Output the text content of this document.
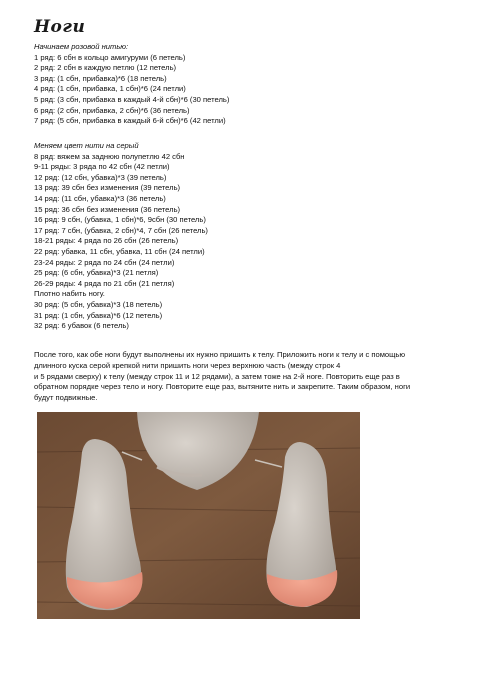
Ноги
Начинаем розовой нитью:
1 ряд: 6 сбн в кольцо амигуруми (6 петель)
2 ряд: 2 сбн в каждую петлю (12 петель)
3 ряд: (1 сбн, прибавка)*6 (18 петель)
4 ряд: (1 сбн, прибавка, 1 сбн)*6 (24 петли)
5 ряд: (3 сбн, прибавка в каждый 4-й сбн)*6 (30 петель)
6 ряд: (2 сбн, прибавка, 2 сбн)*6 (36 петель)
7 ряд: (5 сбн, прибавка в каждый 6-й сбн)*6 (42 петли)
Меняем цвет нити на серый
8 ряд: вяжем за заднюю полупетлю 42 сбн
9-11 ряды: 3 ряда по 42 сбн (42 петли)
12 ряд: (12 сбн, убавка)*3 (39 петель)
13 ряд: 39 сбн без изменения (39 петель)
14 ряд: (11 сбн, убавка)*3 (36 петель)
15 ряд: 36 сбн без изменения (36 петель)
16 ряд: 9 сбн, (убавка, 1 сбн)*6, 9сбн (30 петель)
17 ряд: 7 сбн, (убавка, 2 сбн)*4, 7 сбн (26 петель)
18-21 ряды: 4 ряда по 26 сбн (26 петель)
22 ряд: убавка, 11 сбн, убавка, 11 сбн (24 петли)
23-24 ряды: 2 ряда по 24 сбн (24 петли)
25 ряд: (6 сбн, убавка)*3 (21 петля)
26-29 ряды: 4 ряда по 21 сбн (21 петля)
Плотно набить ногу.
30 ряд: (5 сбн, убавка)*3 (18 петель)
31 ряд: (1 сбн, убавка)*6 (12 петель)
32 ряд: 6 убавок (6 петель)
После того, как обе ноги будут выполнены их нужно пришить к телу. Приложить ноги к телу и с помощью
длинного куска серой крепкой нити пришить ноги через верхнюю часть (между строк 4
и 5 рядами сверху) к телу (между строк 11 и 12 рядами), а затем тоже на 2-й ноге. Повторить еще раз в
обратном порядке через тело и ногу. Повторите еще раз, вытяните нить и закрепите. Таким образом, ноги
будут подвижные.
